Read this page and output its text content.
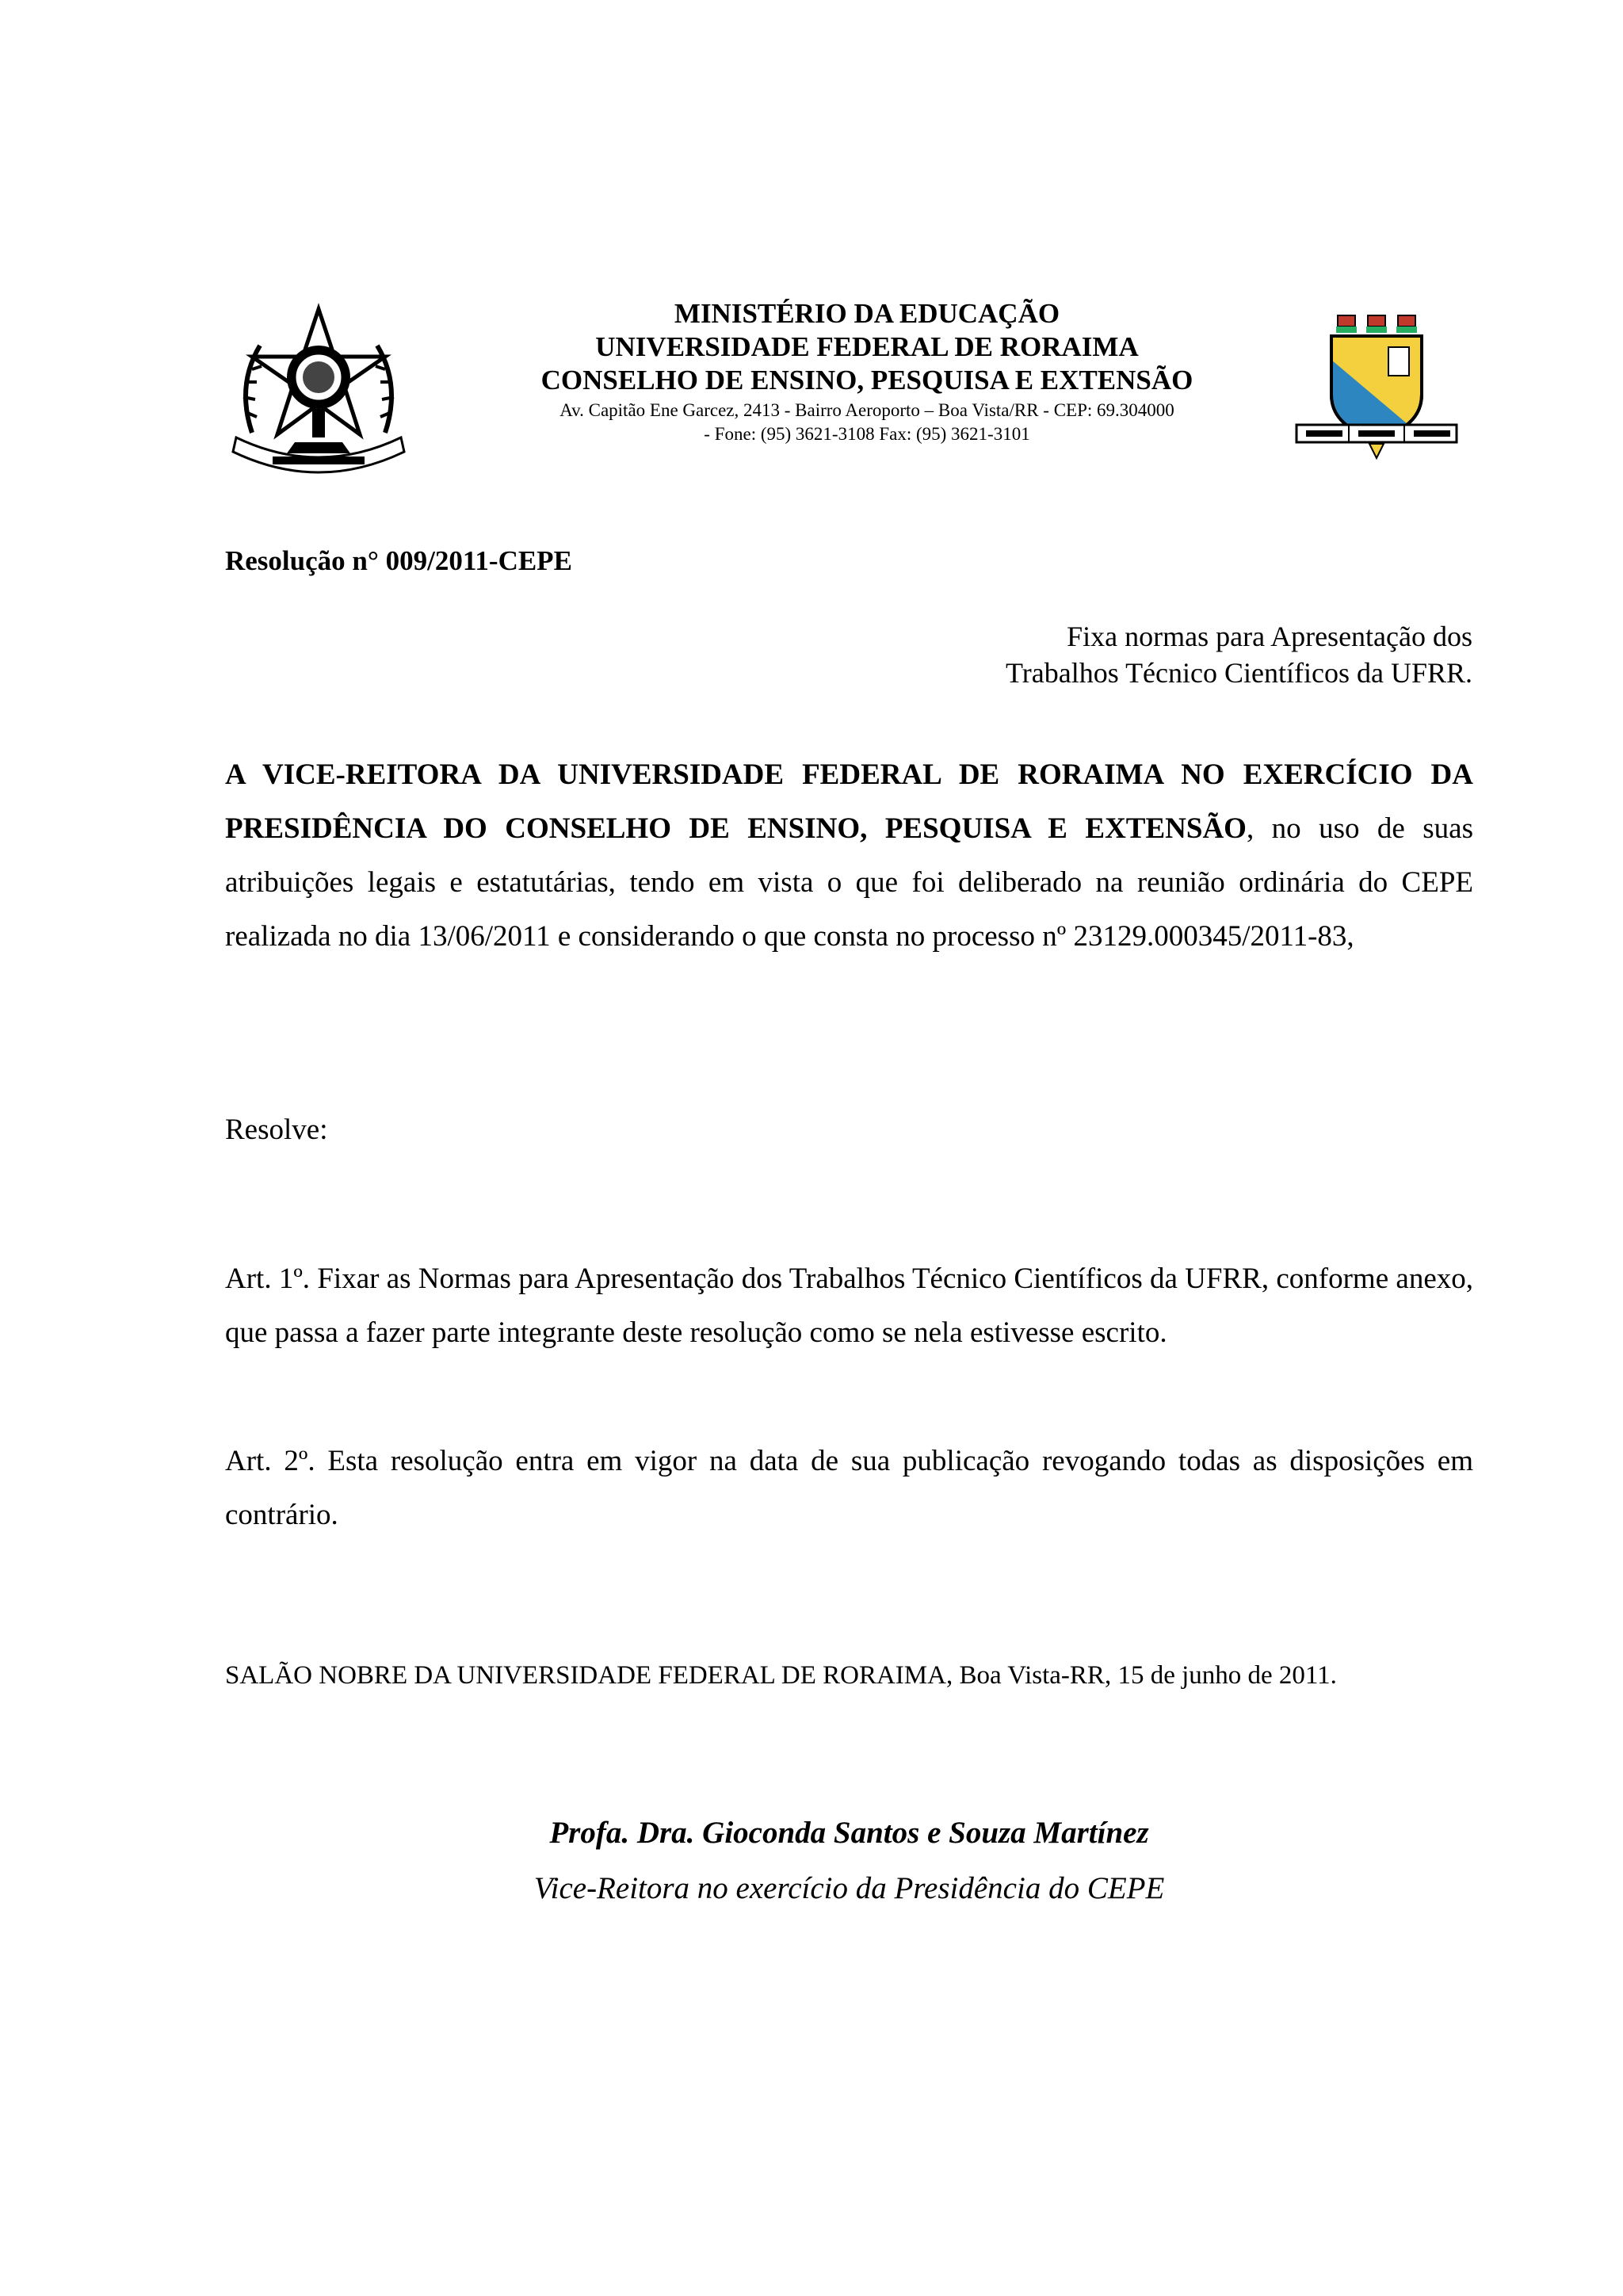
MINISTÉRIO DA EDUCAÇÃO
UNIVERSIDADE FEDERAL DE RORAIMA
CONSELHO DE ENSINO, PESQUISA E EXTENSÃO
Av. Capitão Ene Garcez, 2413 - Bairro Aeroporto – Boa Vista/RR - CEP: 69.304000
- Fone: (95) 3621-3108 Fax: (95) 3621-3101
Resolução n° 009/2011-CEPE
Fixa normas para Apresentação dos
Trabalhos Técnico Científicos da UFRR.
A VICE-REITORA DA UNIVERSIDADE FEDERAL DE RORAIMA NO EXERCÍCIO DA PRESIDÊNCIA DO CONSELHO DE ENSINO, PESQUISA E EXTENSÃO, no uso de suas atribuições legais e estatutárias, tendo em vista o que foi deliberado na reunião ordinária do CEPE realizada no dia 13/06/2011 e considerando o que consta no processo nº 23129.000345/2011-83,
Resolve:
Art. 1º. Fixar as Normas para Apresentação dos Trabalhos Técnico Científicos da UFRR, conforme anexo, que passa a fazer parte integrante deste resolução como se nela estivesse escrito.
Art. 2º. Esta resolução entra em vigor na data de sua publicação revogando todas as disposições em contrário.
SALÃO NOBRE DA UNIVERSIDADE FEDERAL DE RORAIMA, Boa Vista-RR, 15 de junho de 2011.
Profa. Dra. Gioconda Santos e Souza Martínez
Vice-Reitora no exercício da Presidência do CEPE
